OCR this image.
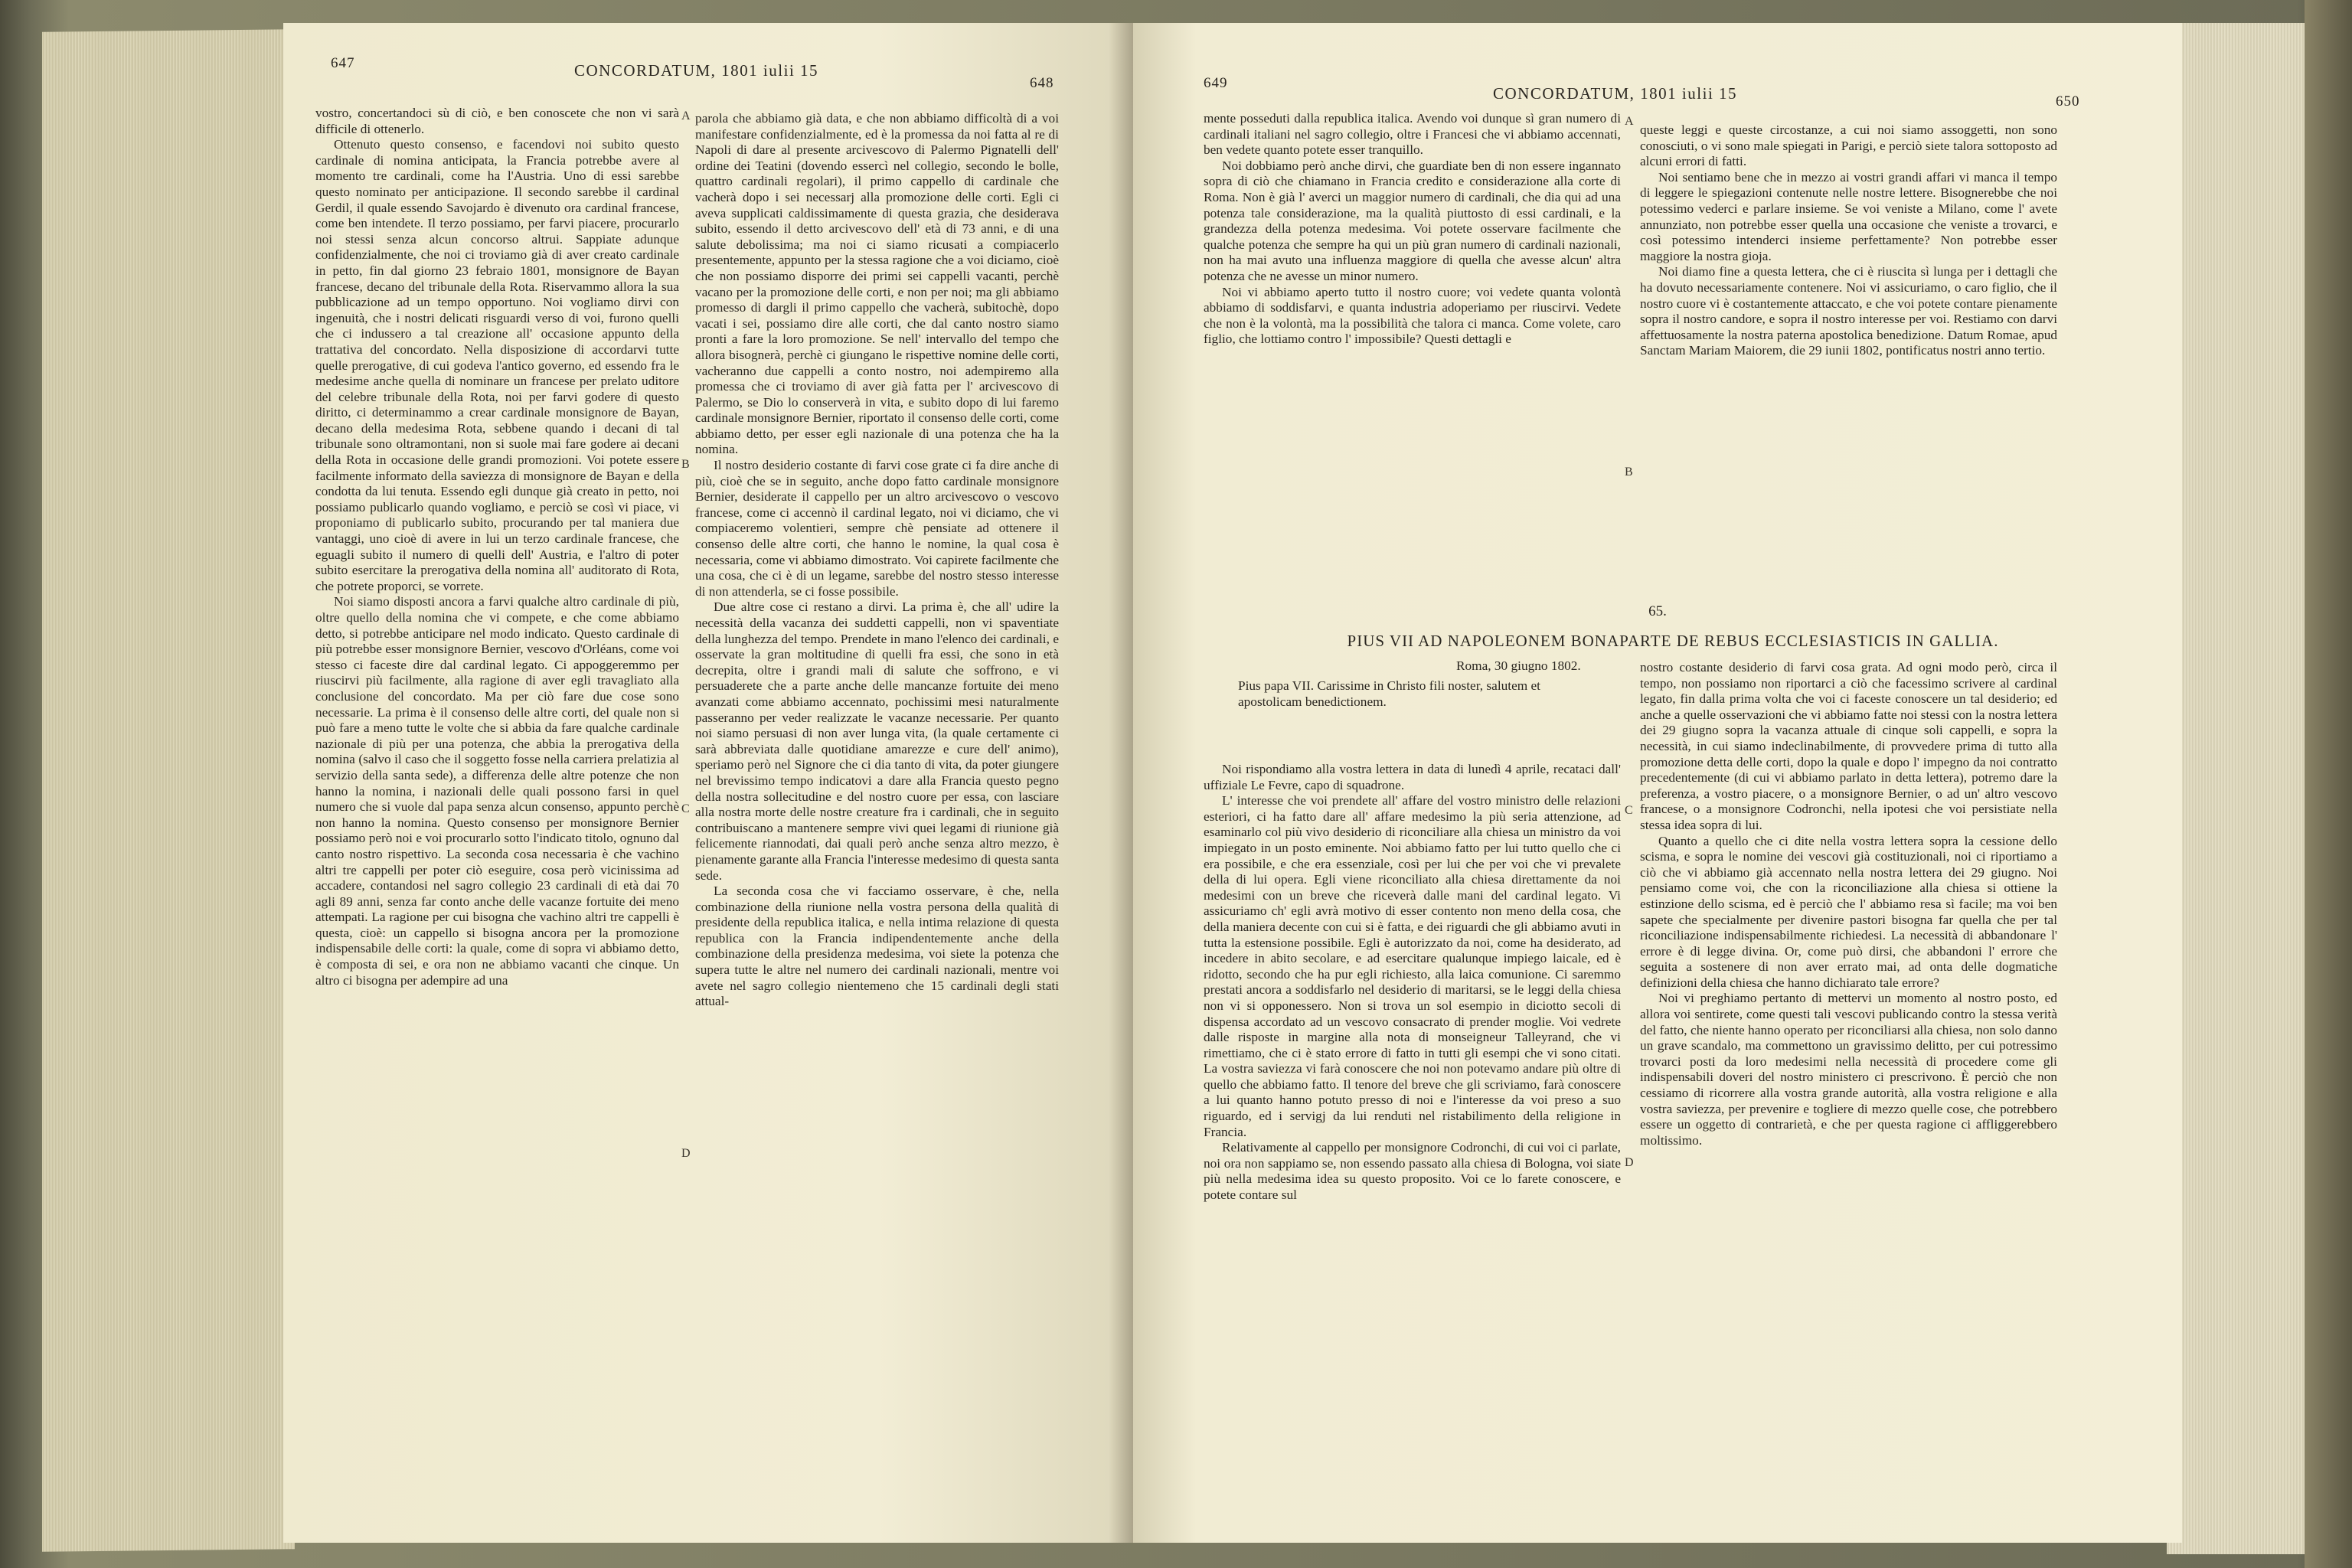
647	CONCORDATUM, 1801 iulii 15
648

vostro, concertandoci sù di ciò, e ben conoscete che non vi sarà difficile di ottenerlo.

Ottenuto questo consenso, e facendovi noi subito questo cardinale di nomina anticipata, la Francia potrebbe avere al momento tre cardinali, come ha l'Austria. Uno di essi sarebbe questo nominato per anticipazione. Il secondo sarebbe il cardinal Gerdil, il quale essendo Savojardo è divenuto ora cardinal francese, come ben intendete. Il terzo possiamo, per farvi piacere, procurarlo noi stessi senza alcun concorso altrui. Sappiate adunque confidenzialmente, che noi ci troviamo già di aver creato cardinale in petto, fin dal giorno 23 febraio 1801, monsignore de Bayan francese, decano del tribunale della Rota. Riservammo allora la sua pubblicazione ad un tempo opportuno. Noi vogliamo dirvi con ingenuità, che i nostri delicati risguardi verso di voi, furono quelli che ci indussero a tal creazione all' occasione appunto della trattativa del concordato. Nella disposizione di accordarvi tutte quelle prerogative, di cui godeva l'antico governo, ed essendo fra le medesime anche quella di nominare un francese per prelato uditore del celebre tribunale della Rota, noi per farvi godere di questo diritto, ci determinammo a crear cardinale monsignore de Bayan, decano della medesima Rota, sebbene quando i decani di tal tribunale sono oltramontani, non si suole mai fare godere ai decani della Rota in occasione delle grandi promozioni. Voi potete essere facilmente informato della saviezza di monsignore de Bayan e della condotta da lui tenuta. Essendo egli dunque già creato in petto, noi possiamo publicarlo quando vogliamo, e perciò se così vi piace, vi proponiamo di publicarlo subito, procurando per tal maniera due vantaggi, uno cioè di avere in lui un terzo cardinale francese, che eguagli subito il numero di quelli dell' Austria, e l'altro di poter subito esercitare la prerogativa della nomina all' auditorato di Rota, che potrete proporci, se vorrete.

Noi siamo disposti ancora a farvi qualche altro cardinale di più, oltre quello della nomina che vi compete, e che come abbiamo detto, si potrebbe anticipare nel modo indicato. Questo cardinale di più potrebbe esser monsignore Bernier, vescovo d'Orléans, come voi stesso ci faceste dire dal cardinal legato. Ci appoggeremmo per riuscirvi più facilmente, alla ragione di aver egli travagliato alla conclusione del concordato. Ma per ciò fare due cose sono necessarie. La prima è il consenso delle altre corti, del quale non si può fare a meno tutte le volte che si abbia da fare qualche cardinale nazionale di più per una potenza, che abbia la prerogativa della nomina (salvo il caso che il soggetto fosse nella carriera prelatizia al servizio della santa sede), a differenza delle altre potenze che non hanno la nomina, i nazionali delle quali possono farsi in quel numero che si vuole dal papa senza alcun consenso, appunto perchè non hanno la nomina. Questo consenso per monsignore Bernier possiamo però noi e voi procurarlo sotto l'indicato titolo, ognuno dal canto nostro rispettivo. La seconda cosa necessaria è che vachino altri tre cappelli per poter ciò eseguire, cosa però vicinissima ad accadere, contandosi nel sagro collegio 23 cardinali di età dai 70 agli 89 anni, senza far conto anche delle vacanze fortuite dei meno attempati. La ragione per cui bisogna che vachino altri tre cappelli è questa, cioè: un cappello si bisogna ancora per la promozione indispensabile delle corti: la quale, come di sopra vi abbiamo detto, è composta di sei, e ora non ne abbiamo vacanti che cinque. Un altro ci bisogna per adempire ad una

A
B
C
D

parola che abbiamo già data, e che non abbiamo difficoltà di a voi manifestare confidenzialmente, ed è la promessa da noi fatta al re di Napoli di dare al presente arcivescovo di Palermo Pignatelli dell' ordine dei Teatini (dovendo essercì nel collegio, secondo le bolle, quattro cardinali regolari), il primo cappello di cardinale che vacherà dopo i sei necessarj alla promozione delle corti. Egli ci aveva supplicati caldissimamente di questa grazia, che desiderava subito, essendo il detto arcivescovo dell' età di 73 anni, e di una salute debolissima; ma noi ci siamo ricusati a compiacerlo presentemente, appunto per la stessa ragione che a voi diciamo, cioè che non possiamo disporre dei primi sei cappelli vacanti, perchè vacano per la promozione delle corti, e non per noi; ma gli abbiamo promesso di dargli il primo cappello che vacherà, subitochè, dopo vacati i sei, possiamo dire alle corti, che dal canto nostro siamo pronti a fare la loro promozione. Se nell' intervallo del tempo che allora bisognerà, perchè ci giungano le rispettive nomine delle corti, vacheranno due cappelli a conto nostro, noi adempiremo alla promessa che ci troviamo di aver già fatta per l' arcivescovo di Palermo, se Dio lo conserverà in vita, e subito dopo di lui faremo cardinale monsignore Bernier, riportato il consenso delle corti, come abbiamo detto, per esser egli nazionale di una potenza che ha la nomina.

Il nostro desiderio costante di farvi cose grate ci fa dire anche di più, cioè che se in seguito, anche dopo fatto cardinale monsignore Bernier, desiderate il cappello per un altro arcivescovo o vescovo francese, come ci accennò il cardinal legato, noi vi diciamo, che vi compiaceremo volentieri, sempre chè pensiate ad ottenere il consenso delle altre corti, che hanno le nomine, la qual cosa è necessaria, come vi abbiamo dimostrato. Voi capirete facilmente che una cosa, che ci è di un legame, sarebbe del nostro stesso interesse di non attenderla, se ci fosse possibile.

Due altre cose ci restano a dirvi. La prima è, che all' udire la necessità della vacanza dei suddetti cappelli, non vi spaventiate della lunghezza del tempo. Prendete in mano l'elenco dei cardinali, e osservate la gran moltitudine di quelli fra essi, che sono in età decrepita, oltre i grandi mali di salute che soffrono, e vi persuaderete che a parte anche delle mancanze fortuite dei meno avanzati come abbiamo accennato, pochissimi mesi naturalmente passeranno per veder realizzate le vacanze necessarie. Per quanto noi siamo persuasi di non aver lunga vita, (la quale certamente ci sarà abbreviata dalle quotidiane amarezze e cure dell' animo), speriamo però nel Signore che ci dia tanto di vita, da poter giungere nel brevissimo tempo indicatovi a dare alla Francia questo pegno della nostra sollecitudine e del nostro cuore per essa, con lasciare alla nostra morte delle nostre creature fra i cardinali, che in seguito contribuiscano a mantenere sempre vivi quei legami di riunione già felicemente riannodati, dai quali però anche senza altro mezzo, è pienamente garante alla Francia l'interesse medesimo di questa santa sede.

La seconda cosa che vi facciamo osservare, è che, nella combinazione della riunione nella vostra persona della qualità di presidente della republica italica, e nella intima relazione di questa republica con la Francia indipendentemente anche della combinazione della presidenza medesima, voi siete la potenza che supera tutte le altre nel numero dei cardinali nazionali, mentre voi avete nel sagro collegio nientemeno che 15 cardinali degli stati attual-

649
CONCORDATUM, 1801 iulii 15	650

mente posseduti dalla republica italica. Avendo voi dunque sì gran numero di cardinali italiani nel sagro collegio, oltre i Francesi che vi abbiamo accennati, ben vedete quanto potete esser tranquillo.

Noi dobbiamo però anche dirvi, che guardiate ben di non essere ingannato sopra di ciò che chiamano in Francia credito e considerazione alla corte di Roma. Non è già l' averci un maggior numero di cardinali, che dia qui ad una potenza tale considerazione, ma la qualità piuttosto di essi cardinali, e la grandezza della potenza medesima. Voi potete osservare facilmente che qualche potenza che sempre ha qui un più gran numero di cardinali nazionali, non ha mai avuto una influenza maggiore di quella che avesse alcun' altra potenza che ne avesse un minor numero.

Noi vi abbiamo aperto tutto il nostro cuore; voi vedete quanta volontà abbiamo di soddisfarvi, e quanta industria adoperiamo per riuscirvi. Vedete che non è la volontà, ma la possibilità che talora ci manca. Come volete, caro figlio, che lottiamo contro l' impossibile? Questi dettagli e

A
B
C
D

queste leggi e queste circostanze, a cui noi siamo assoggetti, non sono conosciuti, o vi sono male spiegati in Parigi, e perciò siete talora sottoposto ad alcuni errori di fatti.

Noi sentiamo bene che in mezzo ai vostri grandi affari vi manca il tempo di leggere le spiegazioni contenute nelle nostre lettere. Bisognerebbe che noi potessimo vederci e parlare insieme. Se voi veniste a Milano, come l' avete annunziato, non potrebbe esser quella una occasione che veniste a trovarci, e così potessimo intenderci insieme perfettamente? Non potrebbe esser maggiore la nostra gioja.

Noi diamo fine a questa lettera, che ci è riuscita sì lunga per i dettagli che ha dovuto necessariamente contenere. Noi vi assicuriamo, o caro figlio, che il nostro cuore vi è costantemente attaccato, e che voi potete contare pienamente sopra il nostro candore, e sopra il nostro interesse per voi. Restiamo con darvi affettuosamente la nostra paterna apostolica benedizione. Datum Romae, apud Sanctam Mariam Maiorem, die 29 iunii 1802, pontificatus nostri anno tertio.

65.
PIUS VII AD NAPOLEONEM BONAPARTE DE REBUS ECCLESIASTICIS IN GALLIA.
Roma, 30 giugno 1802.
Pius papa VII. Carissime in Christo fili noster, salutem et apostolicam benedictionem.

Noi rispondiamo alla vostra lettera in data di lunedì 4 aprile, recataci dall' uffiziale Le Fevre, capo di squadrone.

L' interesse che voi prendete all' affare del vostro ministro delle relazioni esteriori, ci ha fatto dare all' affare medesimo la più seria attenzione, ad esaminarlo col più vivo desiderio di riconciliare alla chiesa un ministro da voi impiegato in un posto eminente. Noi abbiamo fatto per lui tutto quello che ci era possibile, e che era essenziale, così per lui che per voi che vi prevalete della di lui opera. Egli viene riconciliato alla chiesa direttamente da noi medesimi con un breve che riceverà dalle mani del cardinal legato. Vi assicuriamo ch' egli avrà motivo di esser contento non meno della cosa, che della maniera decente con cui si è fatta, e dei riguardi che gli abbiamo avuti in tutta la estensione possibile. Egli è autorizzato da noi, come ha desiderato, ad incedere in abito secolare, e ad esercitare qualunque impiego laicale, ed è ridotto, secondo che ha pur egli richiesto, alla laica comunione. Ci saremmo prestati ancora a soddisfarlo nel desiderio di maritarsi, se le leggi della chiesa non vi si opponessero. Non si trova un sol esempio in diciotto secoli di dispensa accordato ad un vescovo consacrato di prender moglie. Voi vedrete dalle risposte in margine alla nota di monseigneur Talleyrand, che vi rimettiamo, che ci è stato errore di fatto in tutti gli esempi che vi sono citati. La vostra saviezza vi farà conoscere che noi non potevamo andare più oltre di quello che abbiamo fatto. Il tenore del breve che gli scriviamo, farà conoscere a lui quanto hanno potuto presso di noi e l'interesse da voi preso a suo riguardo, ed i servigj da lui renduti nel ristabilimento della religione in Francia.

Relativamente al cappello per monsignore Codronchi, di cui voi ci parlate, noi ora non sappiamo se, non essendo passato alla chiesa di Bologna, voi siate più nella medesima idea su questo proposito. Voi ce lo farete conoscere, e potete contare sul

nostro costante desiderio di farvi cosa grata. Ad ogni modo però, circa il tempo, non possiamo non riportarci a ciò che facessimo scrivere al cardinal legato, fin dalla prima volta che voi ci faceste conoscere un tal desiderio; ed anche a quelle osservazioni che vi abbiamo fatte noi stessi con la nostra lettera dei 29 giugno sopra la vacanza attuale di cinque soli cappelli, e sopra la necessità, in cui siamo indeclinabilmente, di provvedere prima di tutto alla promozione detta delle corti, dopo la quale e dopo l' impegno da noi contratto precedentemente (di cui vi abbiamo parlato in detta lettera), potremo dare la preferenza, a vostro piacere, o a monsignore Bernier, o ad un' altro vescovo francese, o a monsignore Codronchi, nella ipotesi che voi persistiate nella stessa idea sopra di lui.

Quanto a quello che ci dite nella vostra lettera sopra la cessione dello scisma, e sopra le nomine dei vescovi già costituzionali, noi ci riportiamo a ciò che vi abbiamo già accennato nella nostra lettera dei 29 giugno. Noi pensiamo come voi, che con la riconciliazione alla chiesa si ottiene la estinzione dello scisma, ed è perciò che l' abbiamo resa sì facile; ma voi ben sapete che specialmente per divenire pastori bisogna far quella che per tal riconciliazione indispensabilmente richiedesi. La necessità di abbandonare l' errore è di legge divina. Or, come può dirsi, che abbandoni l' errore che seguita a sostenere di non aver errato mai, ad onta delle dogmatiche definizioni della chiesa che hanno dichiarato tale errore?

Noi vi preghiamo pertanto di mettervi un momento al nostro posto, ed allora voi sentirete, come questi tali vescovi publicando contro la stessa verità del fatto, che niente hanno operato per riconciliarsi alla chiesa, non solo danno un grave scandalo, ma commettono un gravissimo delitto, per cui potressimo trovarci posti da loro medesimi nella necessità di procedere come gli indispensabili doveri del nostro ministero ci prescrivono. È perciò che non cessiamo di ricorrere alla vostra grande autorità, alla vostra religione e alla vostra saviezza, per prevenire e togliere di mezzo quelle cose, che potrebbero essere un oggetto di contrarietà, e che per questa ragione ci affliggerebbero moltissimo.
